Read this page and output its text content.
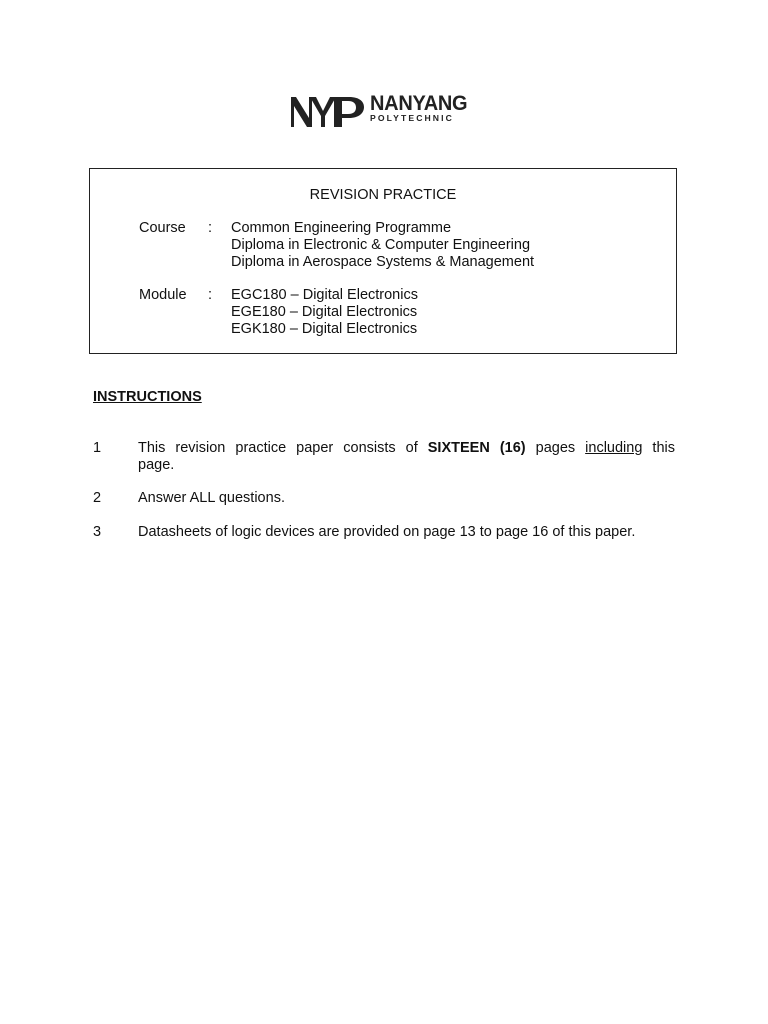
NYP	NANYANG
POLYTECHNIC
REVISION PRACTICE
Course : Common Engineering Programme
Diploma in Electronic & Computer Engineering
Diploma in Aerospace Systems & Management
Module : EGC180 – Digital Electronics
EGE180 – Digital Electronics
EGK180 – Digital Electronics
INSTRUCTIONS
1	This revision practice paper consists of SIXTEEN (16) pages including this
page.
2	Answer ALL questions.
3	Datasheets of logic devices are provided on page 13 to page 16 of this paper.
